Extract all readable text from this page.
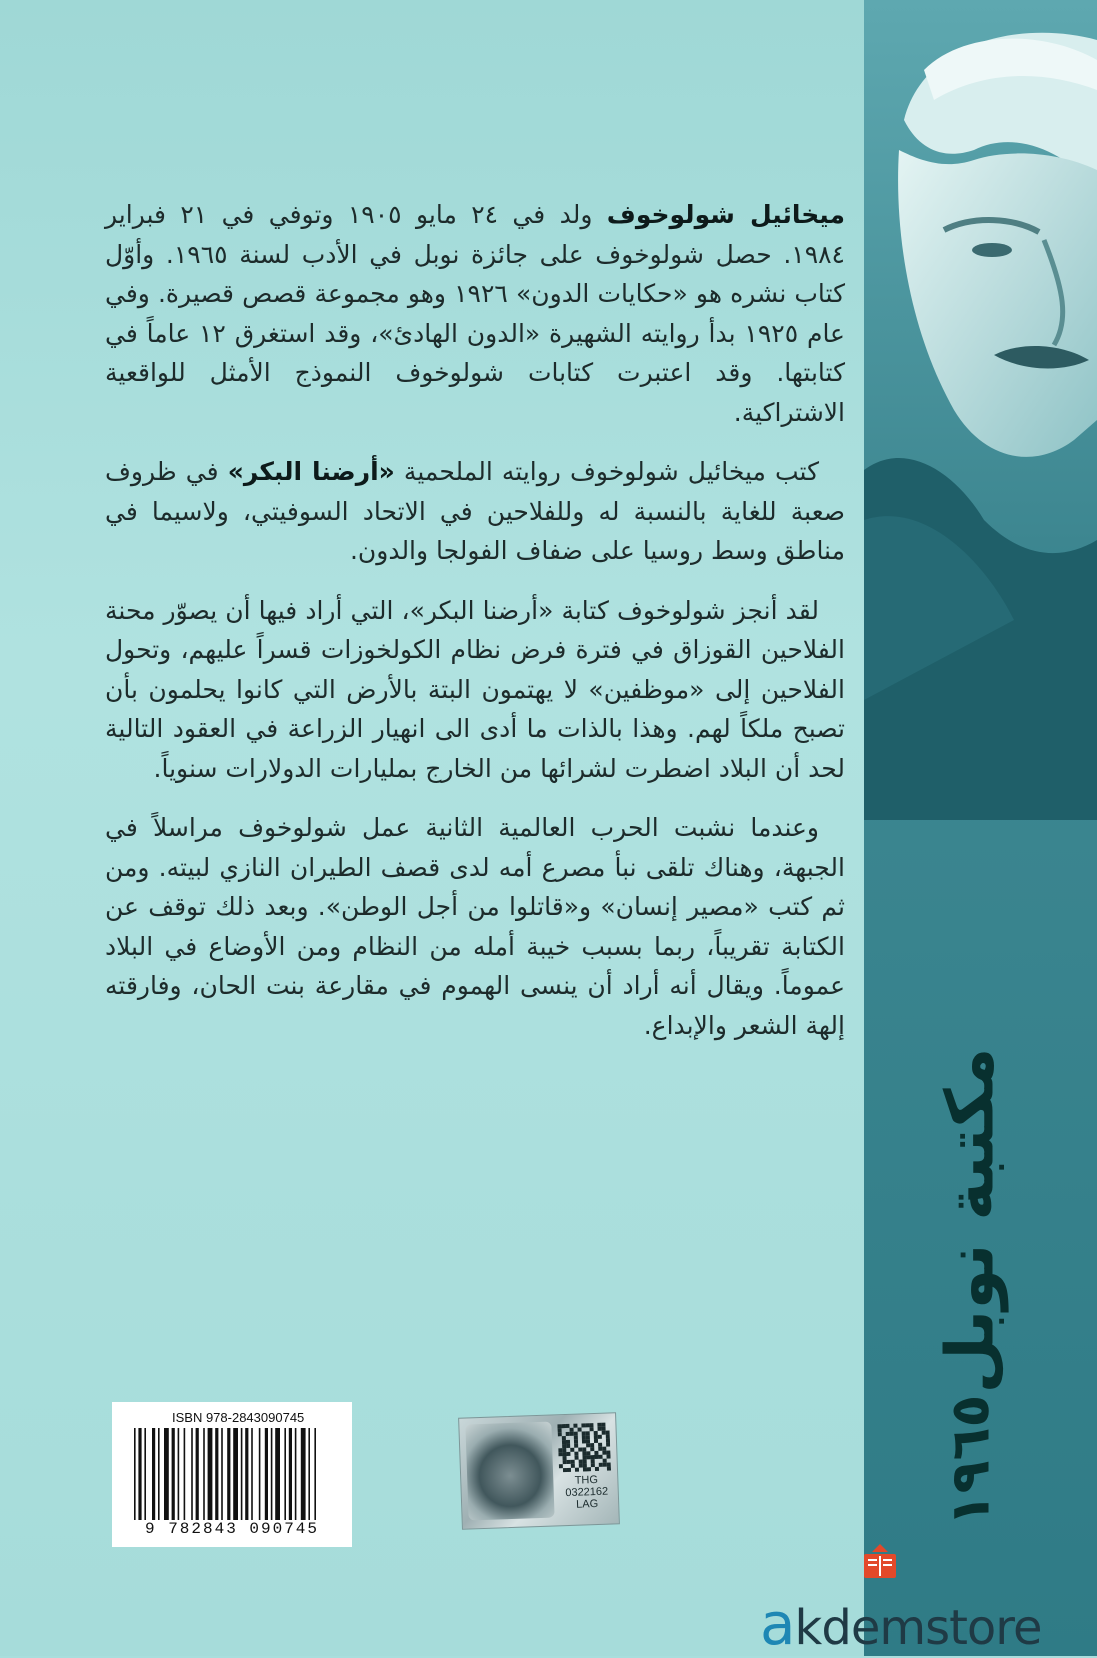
مكتبة نوبل
١٩٦٥

ميخائيل شولوخوف ولد في ٢٤ مايو ١٩٠٥ وتوفي في ٢١ فبراير ١٩٨٤. حصل شولوخوف على جائزة نوبل في الأدب لسنة ١٩٦٥. وأوّل كتاب نشره هو «حكايات الدون» ١٩٢٦ وهو مجموعة قصص قصيرة. وفي عام ١٩٢٥ بدأ روايته الشهيرة «الدون الهادئ»، وقد استغرق ١٢ عاماً في كتابتها. وقد اعتبرت كتابات شولوخوف النموذج الأمثل للواقعية الاشتراكية.

كتب ميخائيل شولوخوف روايته الملحمية «أرضنا البكر» في ظروف صعبة للغاية بالنسبة له وللفلاحين في الاتحاد السوفيتي، ولاسيما في مناطق وسط روسيا على ضفاف الفولجا والدون.

لقد أنجز شولوخوف كتابة «أرضنا البكر»، التي أراد فيها أن يصوّر محنة الفلاحين القوزاق في فترة فرض نظام الكولخوزات قسراً عليهم، وتحول الفلاحين إلى «موظفين» لا يهتمون البتة بالأرض التي كانوا يحلمون بأن تصبح ملكاً لهم. وهذا بالذات ما أدى الى انهيار الزراعة في العقود التالية لحد أن البلاد اضطرت لشرائها من الخارج بمليارات الدولارات سنوياً.

وعندما نشبت الحرب العالمية الثانية عمل شولوخوف مراسلاً في الجبهة، وهناك تلقى نبأ مصرع أمه لدى قصف الطيران النازي لبيته. ومن ثم كتب «مصير إنسان» و«قاتلوا من أجل الوطن». وبعد ذلك توقف عن الكتابة تقريباً، ربما بسبب خيبة أمله من النظام ومن الأوضاع في البلاد عموماً. ويقال أنه أراد أن ينسى الهموم في مقارعة بنت الحان، وفارقته إلهة الشعر والإبداع.

ISBN 978-2843090745
9 782843 090745
THG
0322162
LAG
akdemstore
